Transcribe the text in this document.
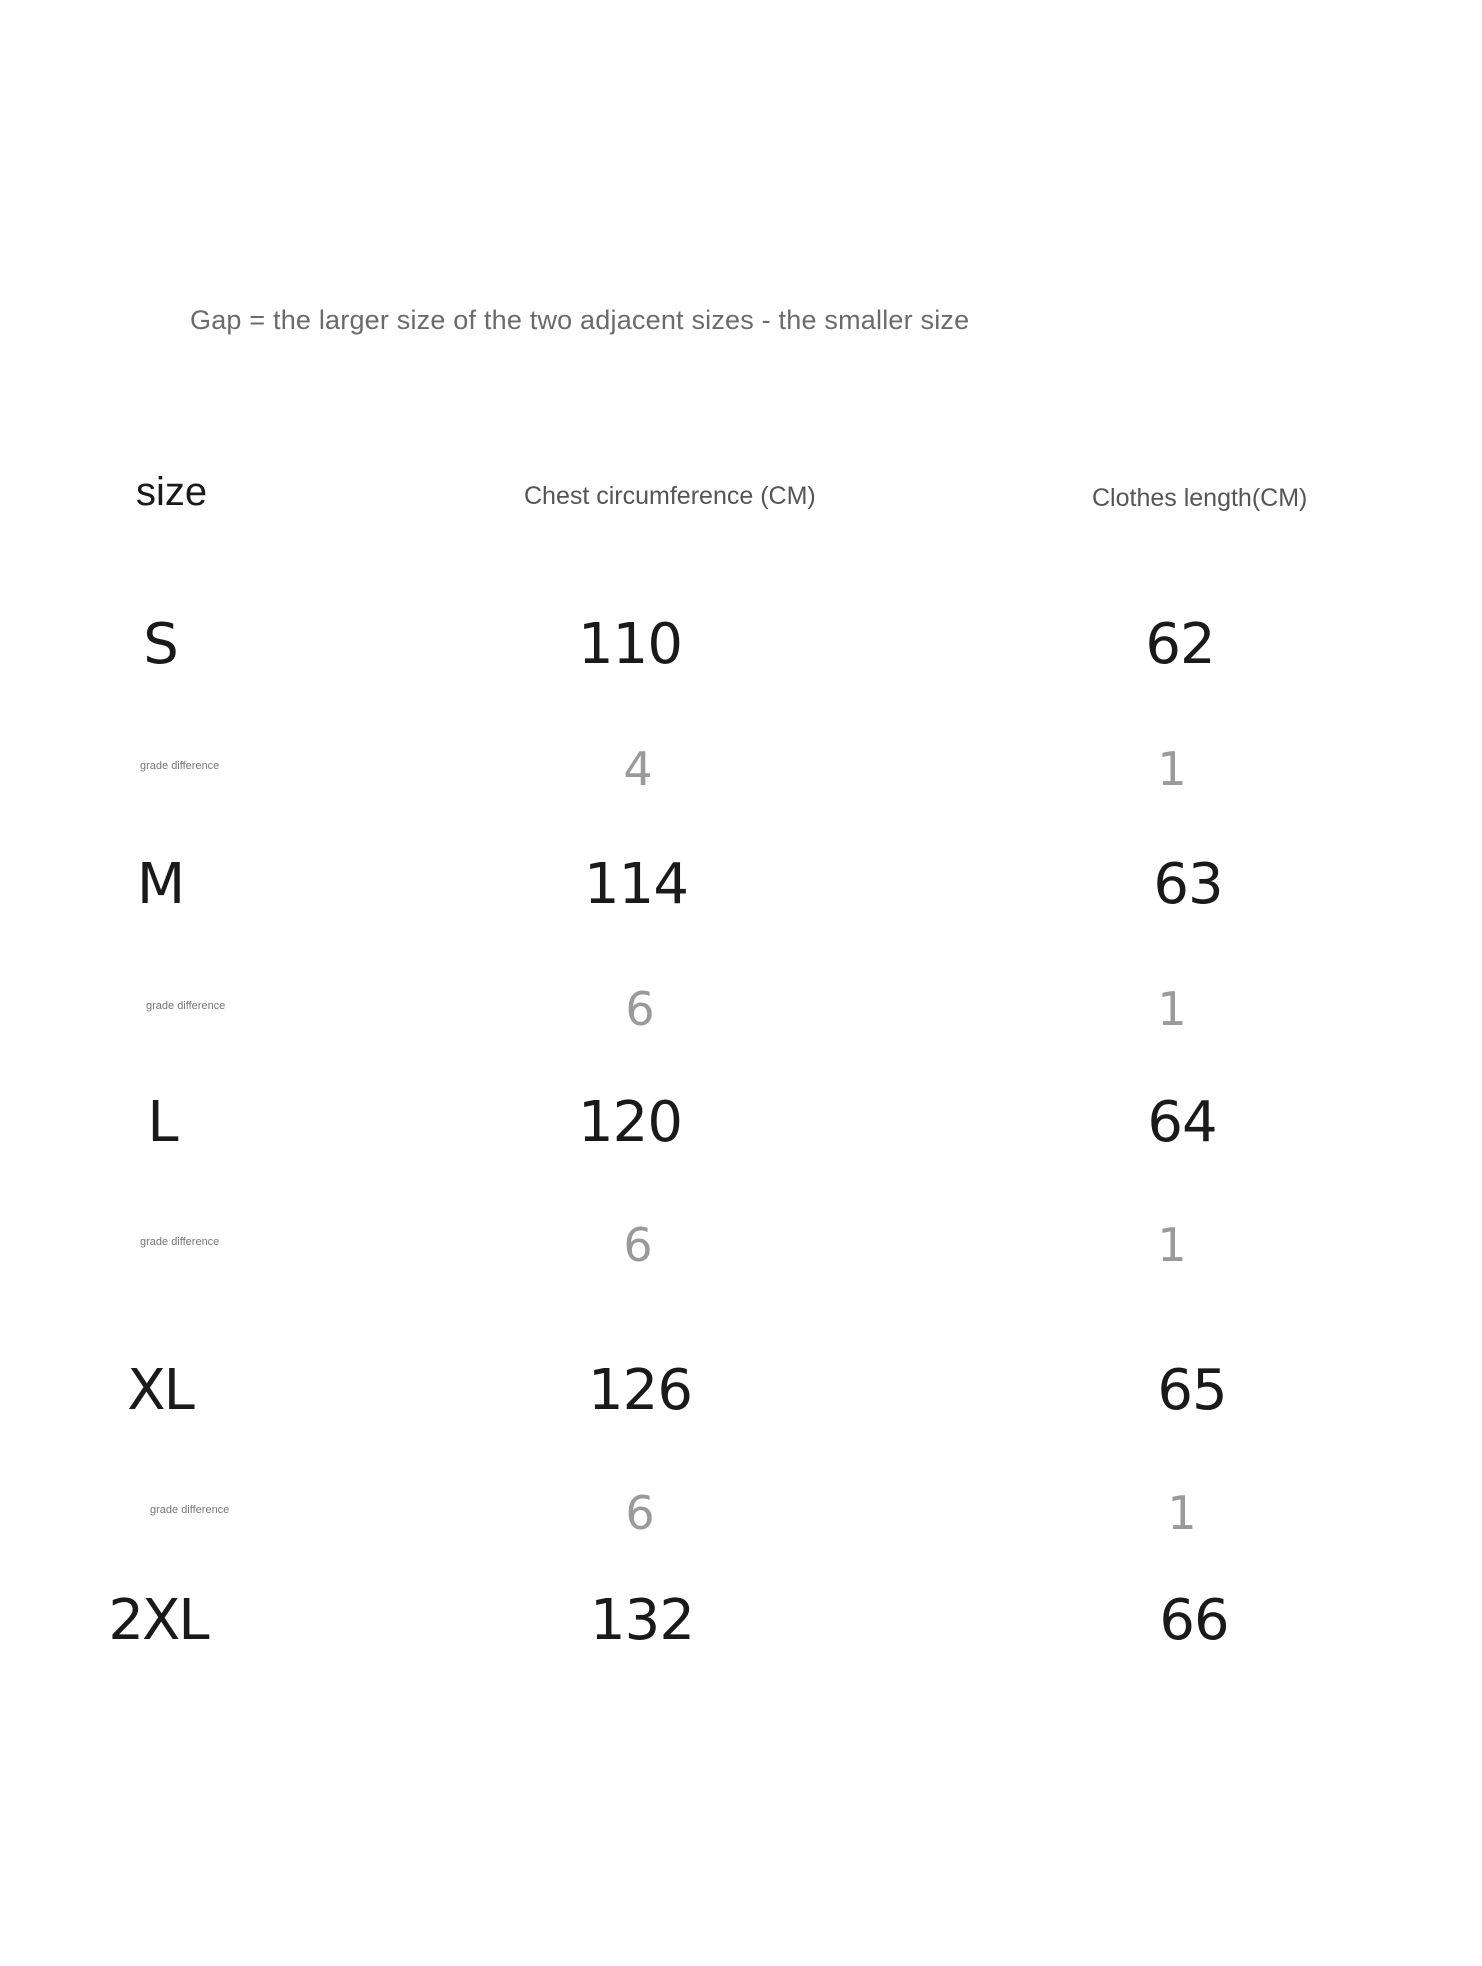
Gap = the larger size of the two adjacent sizes - the smaller size
size	Chest circumference (CM)	Clothes length(CM)
S	110	62
grade difference	4	1
M	114	63
grade difference	6	1
L	120	64
grade difference	6	1
XL	126	65
grade difference	6	1
2XL	132	66
